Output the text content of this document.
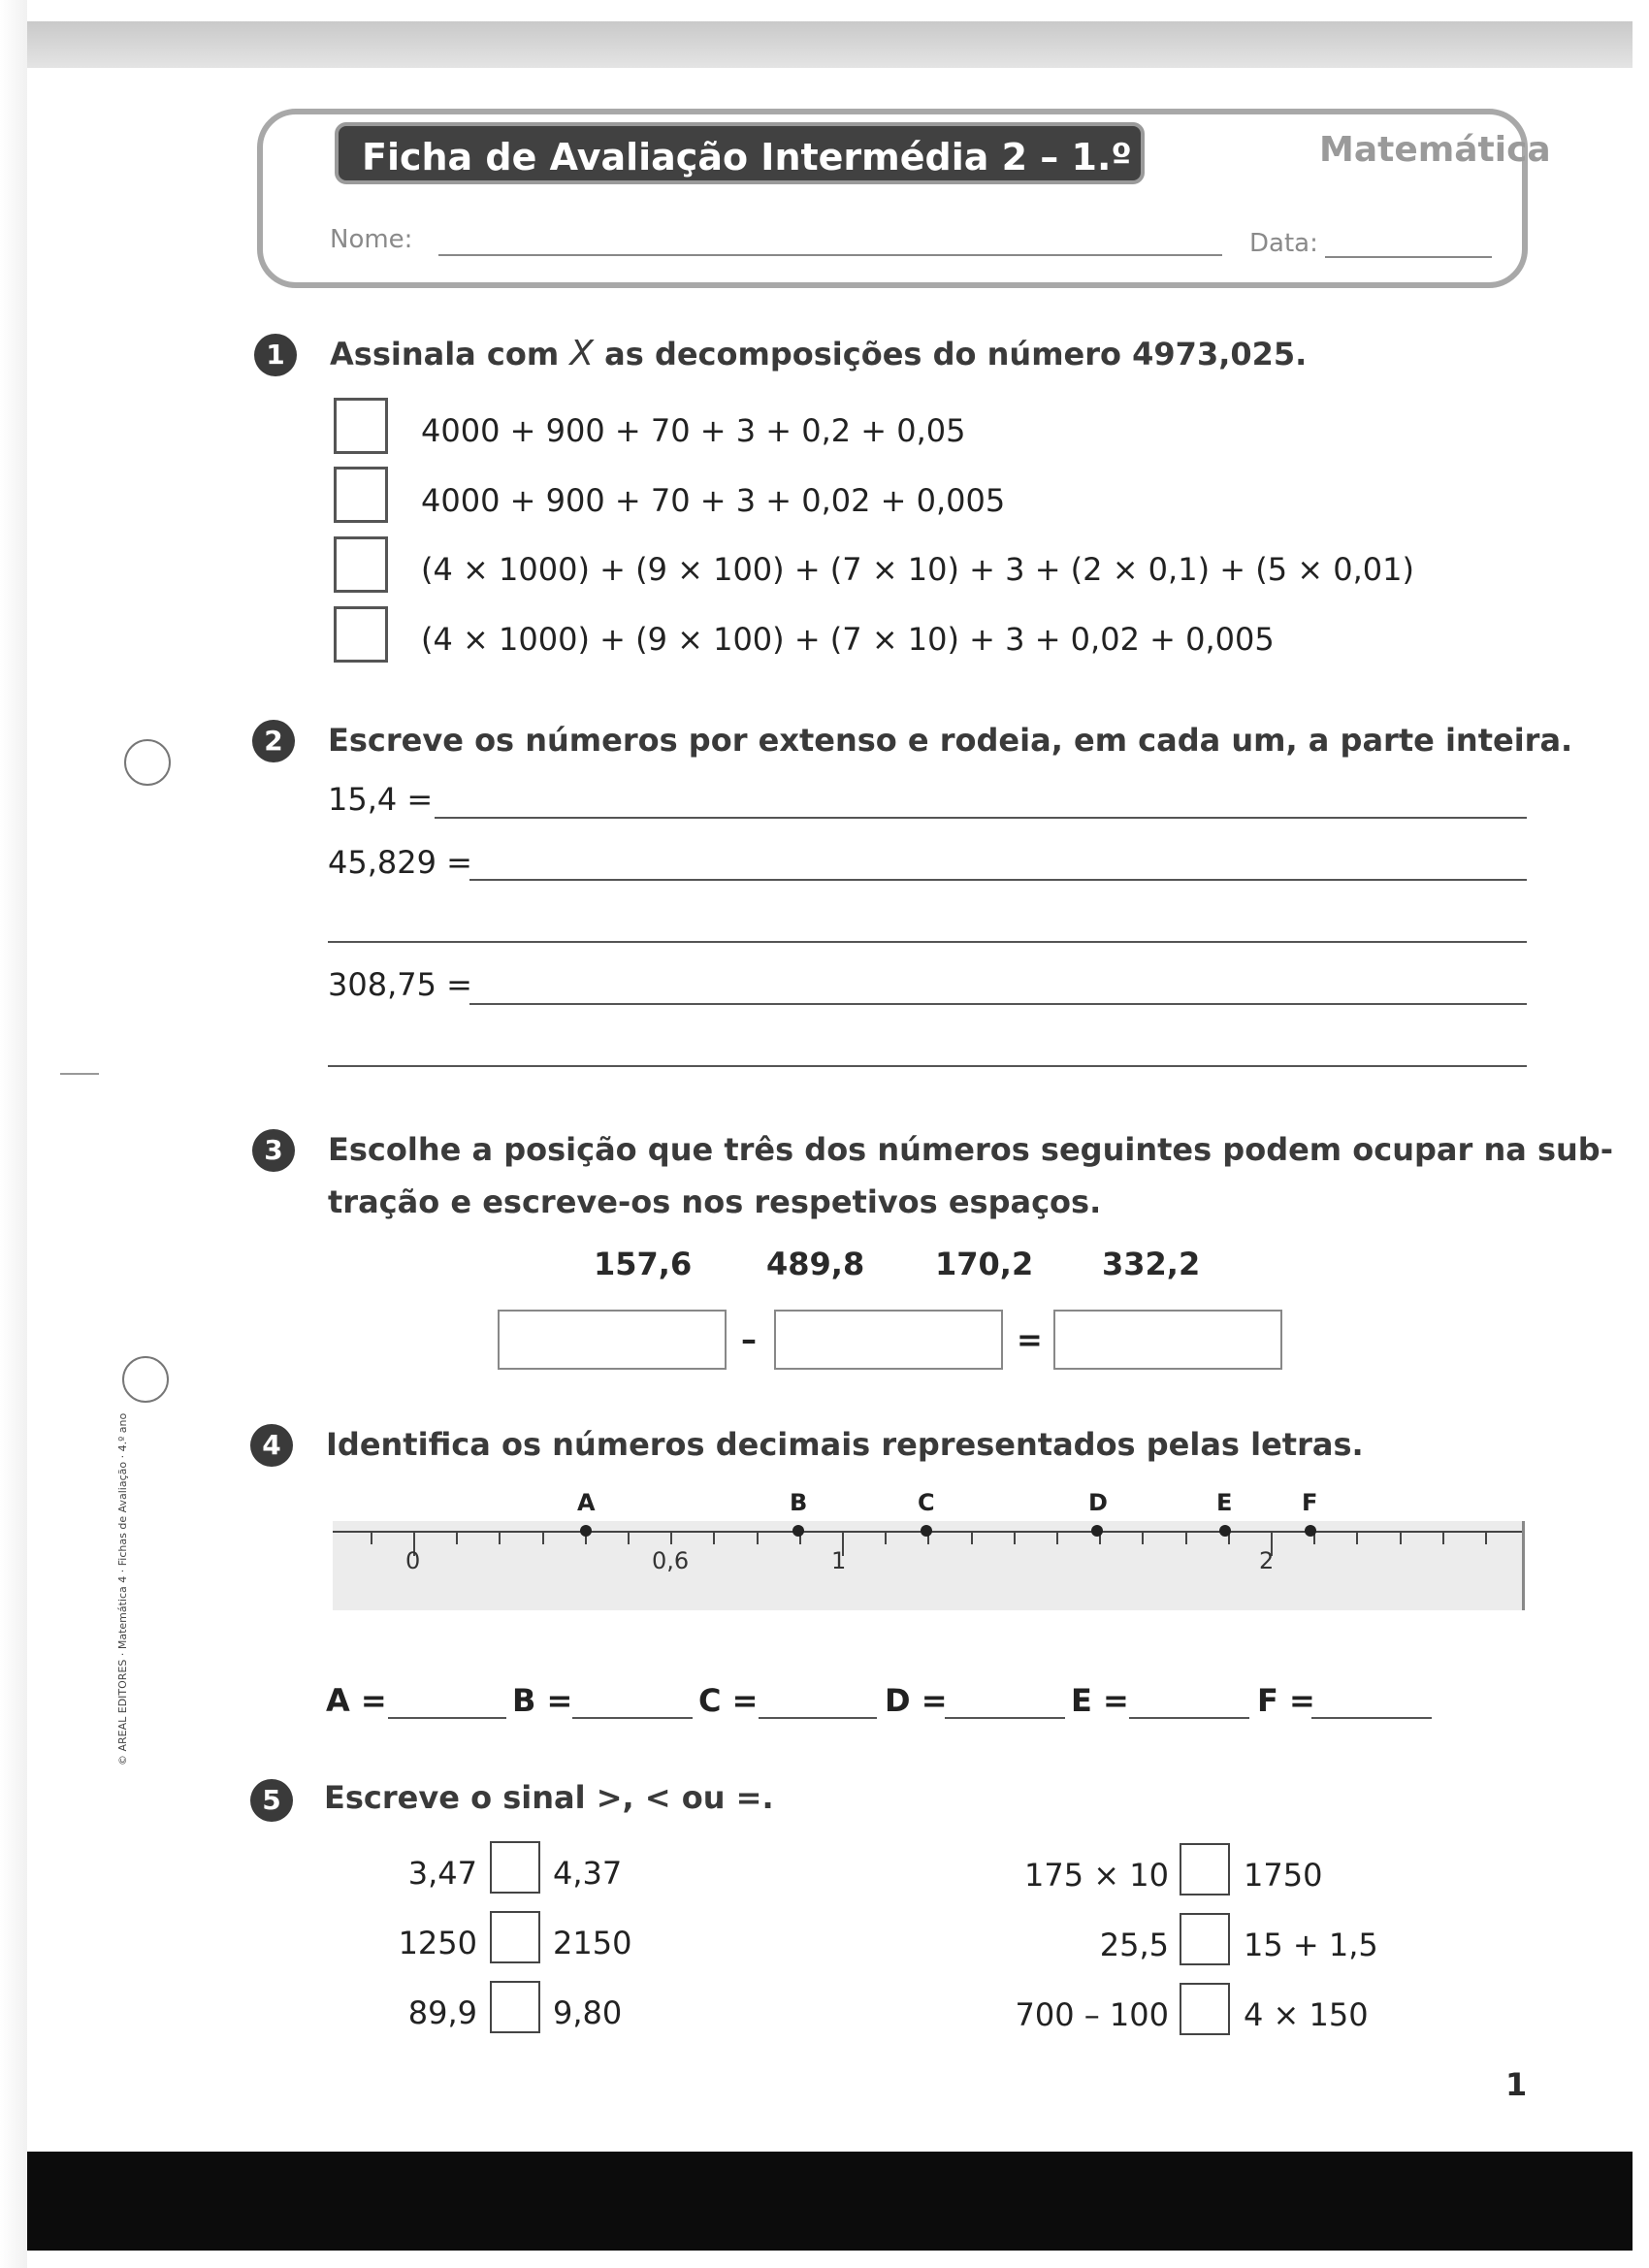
Ficha de Avaliação Intermédia 2 – 1.º Período Matemática
Nome:	Data:
1	Assinala com X as decomposições do número 4973,025.
4000 + 900 + 70 + 3 + 0,2 + 0,05
4000 + 900 + 70 + 3 + 0,02 + 0,005
(4 × 1000) + (9 × 100) + (7 × 10) + 3 + (2 × 0,1) + (5 × 0,01)
(4 × 1000) + (9 × 100) + (7 × 10) + 3 + 0,02 + 0,005
2	Escreve os números por extenso e rodeia, em cada um, a parte inteira.
15,4 =
45,829 =
308,75 =
3	Escolhe a posição que três dos números seguintes podem ocupar na sub-
tração e escreve-os nos respetivos espaços.
157,6 489,8 170,2 332,2
–	=
4	Identifica os números decimais representados pelas letras.
0	0,6	1	2
A	B	C	D	E	F
A =	B =	C =	D =	E =	F =
5	Escreve o sinal >, < ou =.
3,47 4,37
1250 2150
89,9 9,80
175 × 10 1750
25,5 15 + 1,5
700 – 100 4 × 150
© AREAL EDITORES · Matemática 4 · Fichas de Avaliação · 4.º ano
1
